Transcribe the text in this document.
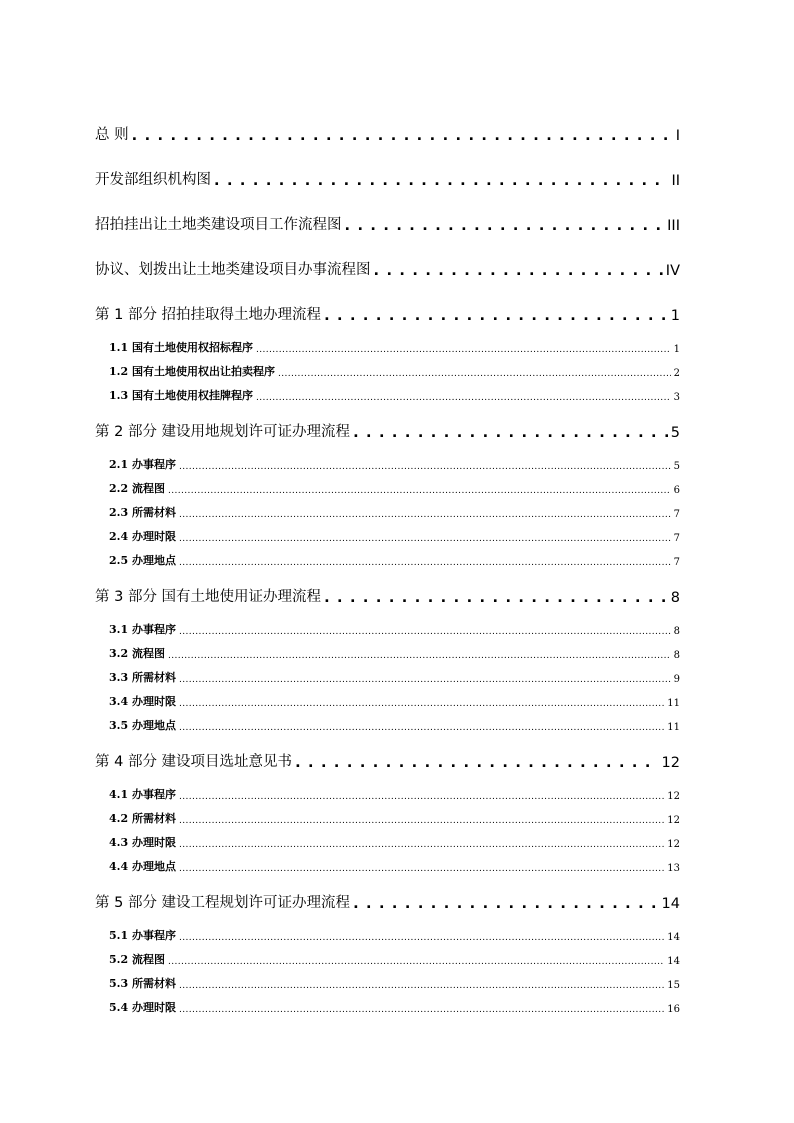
总 则 . . .	I
开发部组织机构图 . . .	II
招拍挂出让土地类建设项目工作流程图 . . .	III
协议、划拨出让土地类建设项目办事流程图 . . .	IV
第 1 部分 招拍挂取得土地办理流程 . . .	1
1.1 国有土地使用权招标程序 .....	1
1.2 国有土地使用权出让拍卖程序 .....	2
1.3 国有土地使用权挂牌程序 .....	3
第 2 部分 建设用地规划许可证办理流程 . . .	5
2.1 办事程序 .....	5
2.2 流程图 .....	6
2.3 所需材料 .....	7
2.4 办理时限 .....	7
2.5 办理地点 .....	7
第 3 部分 国有土地使用证办理流程 . . .	8
3.1 办事程序 .....	8
3.2 流程图 .....	8
3.3 所需材料 .....	9
3.4 办理时限 .....	11
3.5 办理地点 .....	11
第 4 部分 建设项目选址意见书 . . .	12
4.1 办事程序 .....	12
4.2 所需材料 .....	12
4.3 办理时限 .....	12
4.4 办理地点 .....	13
第 5 部分 建设工程规划许可证办理流程 . . .	14
5.1 办事程序 .....	14
5.2 流程图 .....	14
5.3 所需材料 .....	15
5.4 办理时限 .....	16
